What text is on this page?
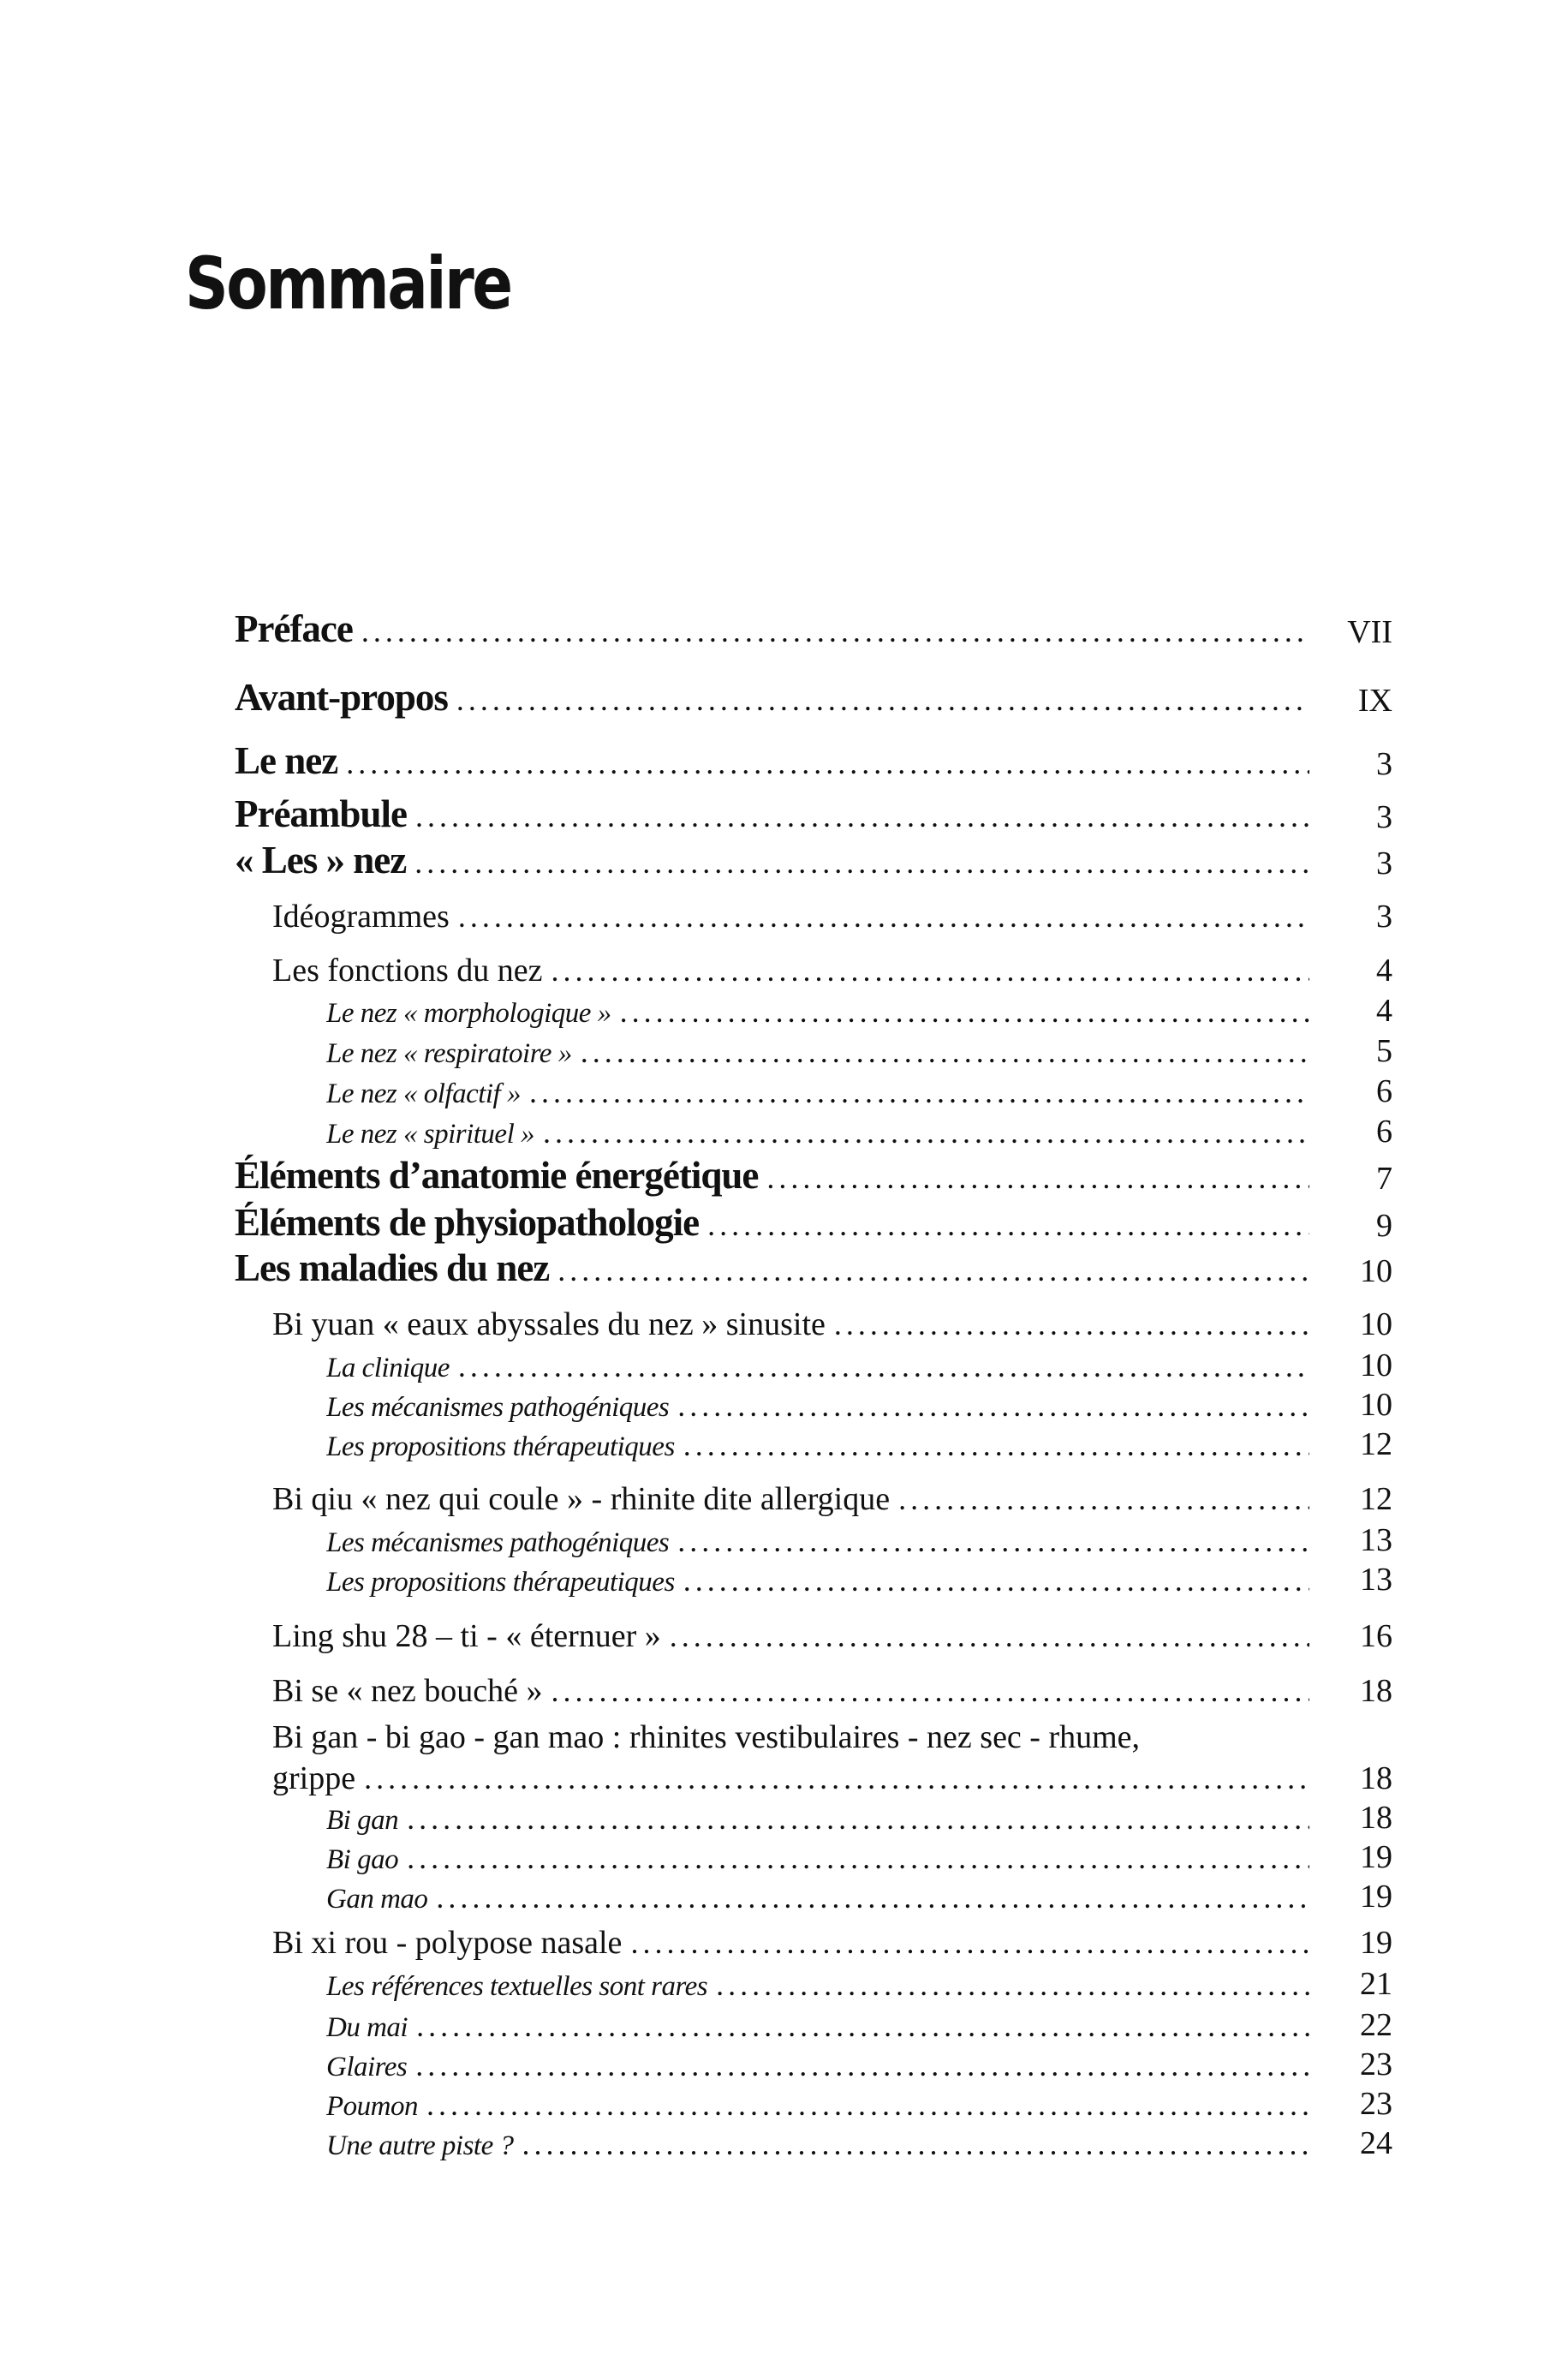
Sommaire
Préface . . .	VII
Avant-propos . . .	IX
Le nez . . .	3
Préambule . . .	3
« Les » nez . . .	3
Idéogrammes . . .	3
Les fonctions du nez . . .	4
Le nez « morphologique » . . .	4
Le nez « respiratoire » . . .	5
Le nez « olfactif » . . .	6
Le nez « spirituel » . . .	6
Éléments d’anatomie énergétique . . .	7
Éléments de physiopathologie . . .	9
Les maladies du nez . . .	10
Bi yuan « eaux abyssales du nez » sinusite . . .	10
La clinique . . .	10
Les mécanismes pathogéniques . . .	10
Les propositions thérapeutiques . . .	12
Bi qiu « nez qui coule » - rhinite dite allergique . . .	12
Les mécanismes pathogéniques . . .	13
Les propositions thérapeutiques . . .	13
Ling shu 28 – ti - « éternuer » . . .	16
Bi se « nez bouché » . . .	18
Bi gan - bi gao - gan mao : rhinites vestibulaires - nez sec - rhume,
grippe . . .	18
Bi gan . . .	18
Bi gao . . .	19
Gan mao . . .	19
Bi xi rou - polypose nasale . . .	19
Les références textuelles sont rares . . .	21
Du mai . . .	22
Glaires . . .	23
Poumon . . .	23
Une autre piste ? . . .	24
